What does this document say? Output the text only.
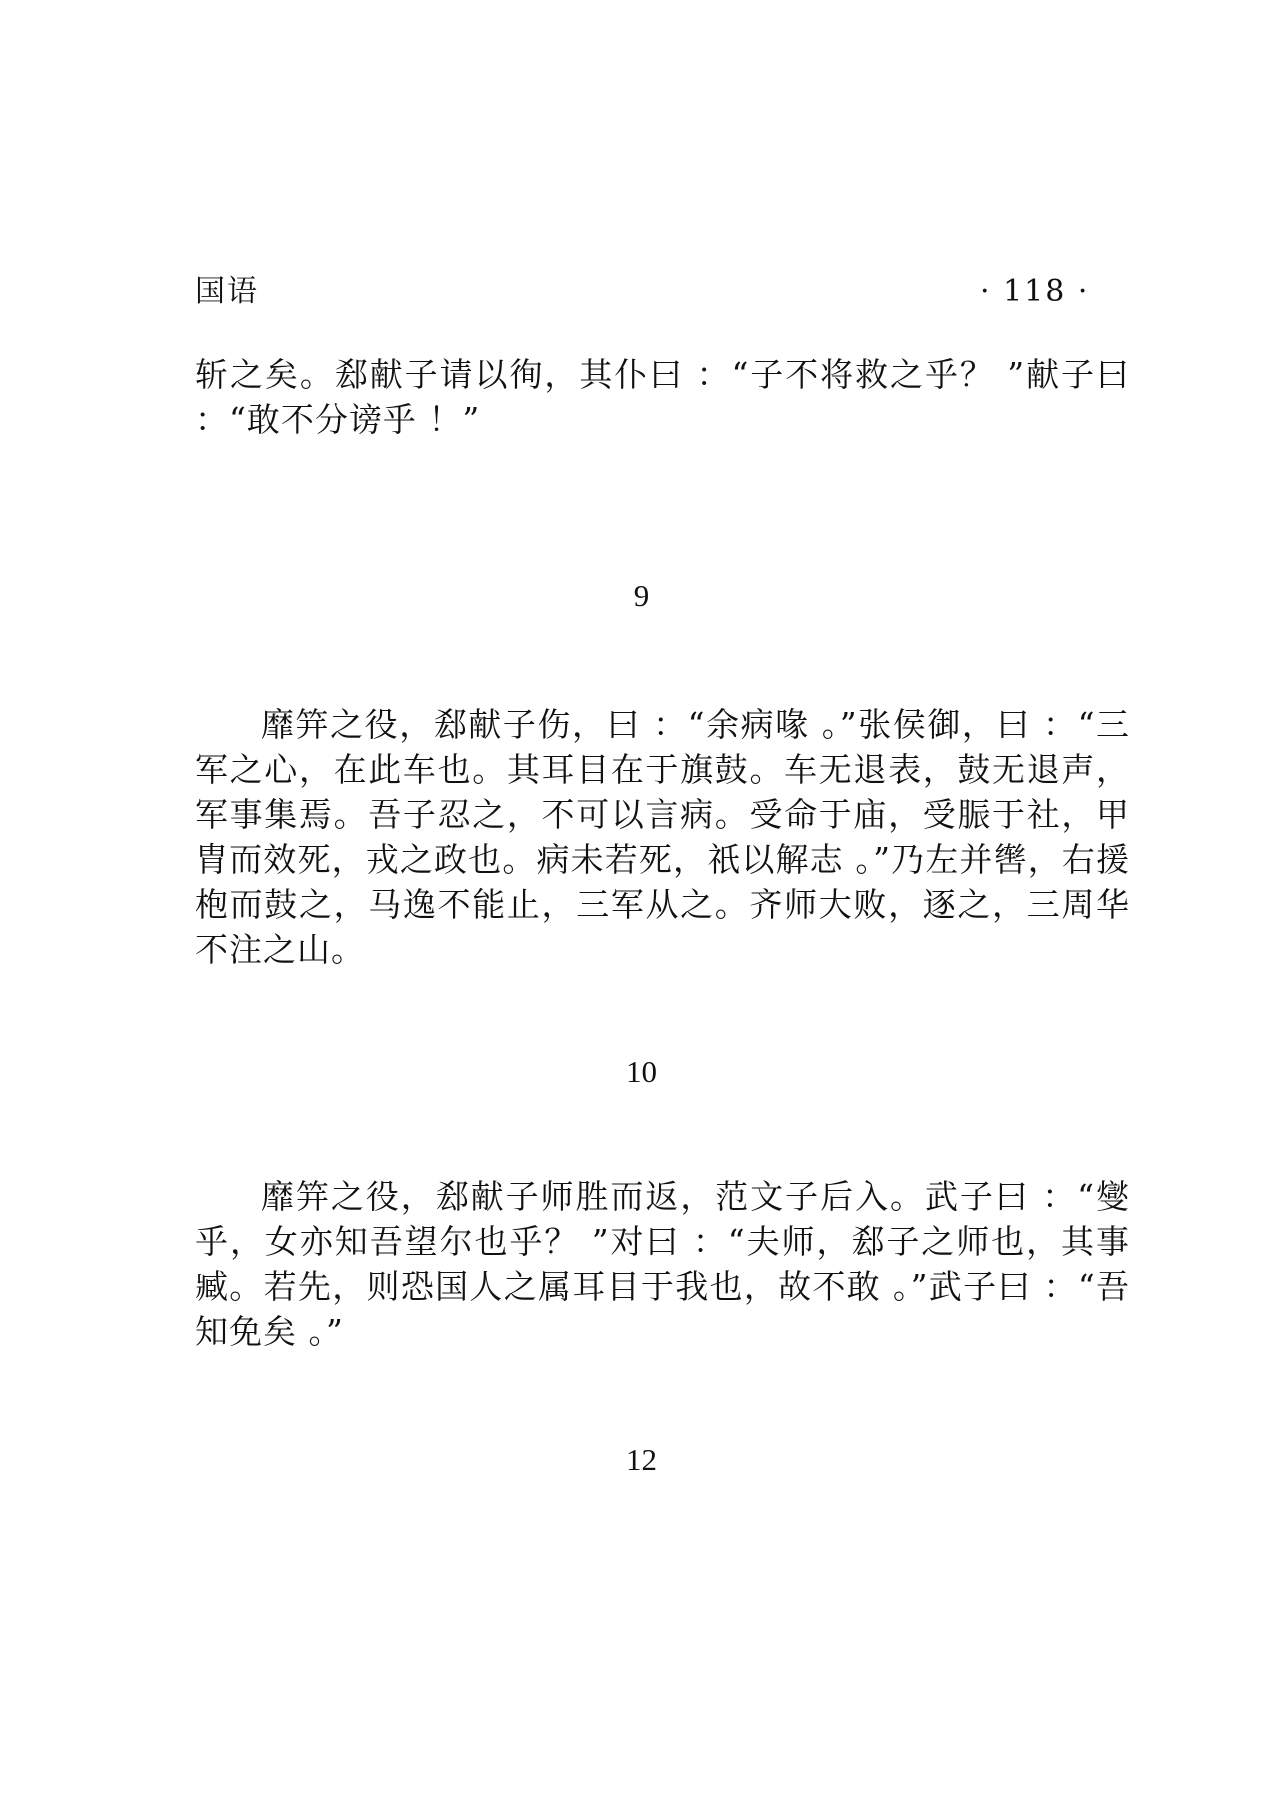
国语	· 118 ·

斩之矣。郄献子请以徇，其仆曰 ：“子不将救之乎？ ”献子曰 ：“敢不分谤乎 ！”

9

靡笄之役，郄献子伤，曰 ：“余病喙 。”张侯御，曰 ：“三军之心，在此车也。其耳目在于旗鼓。车无退表，鼓无退声，军事集焉。吾子忍之，不可以言病。受命于庙，受脤于社，甲胄而效死，戎之政也。病未若死，祇以解志 。”乃左并辔，右援枹而鼓之，马逸不能止，三军从之。齐师大败，逐之，三周华不注之山。

10

靡笄之役，郄献子师胜而返，范文子后入。武子曰 ：“燮乎，女亦知吾望尔也乎？ ”对曰 ：“夫师，郄子之师也，其事臧。若先，则恐国人之属耳目于我也，故不敢 。”武子曰 ：“吾知免矣 。”

12
